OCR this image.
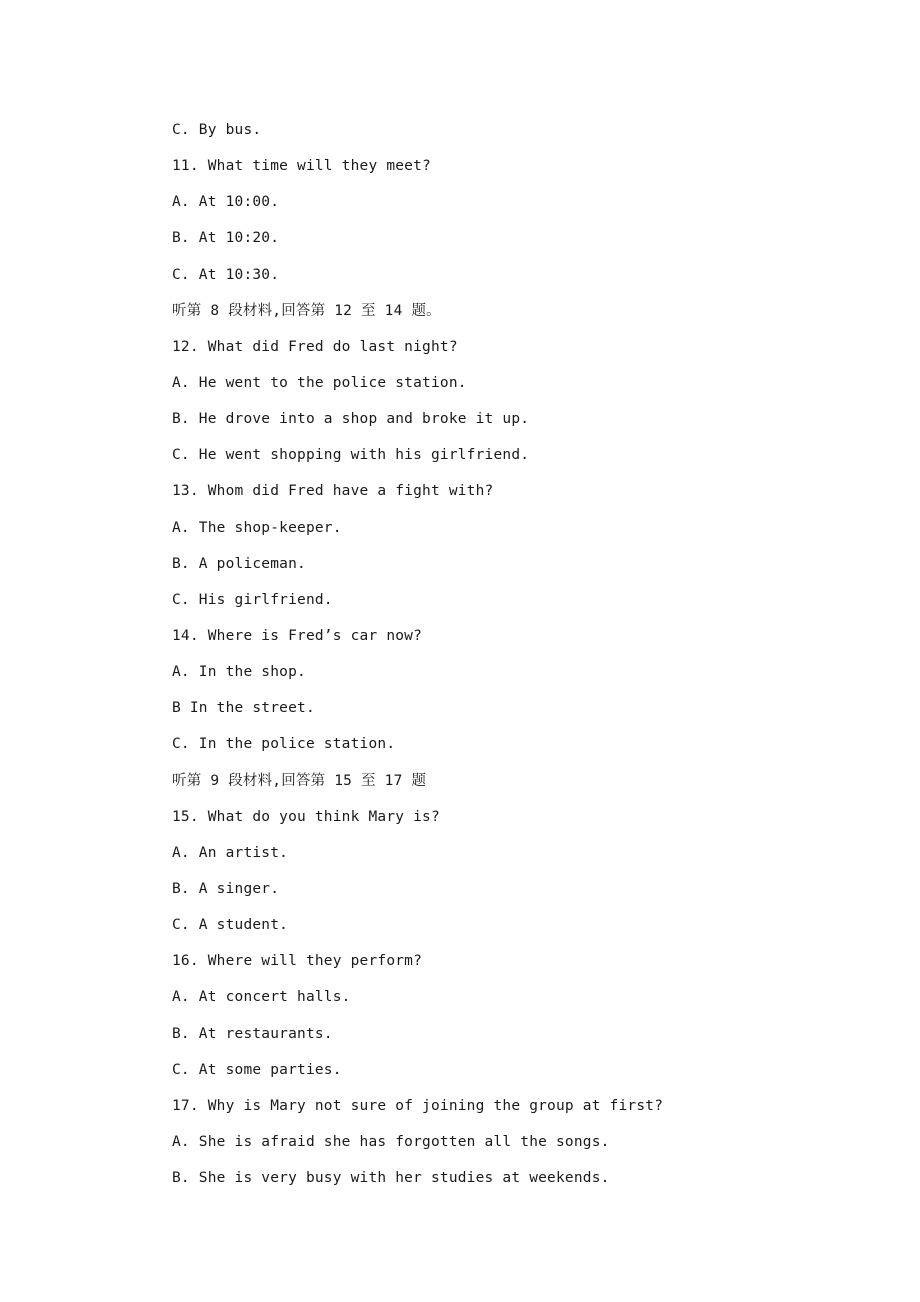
C. By bus.
11. What time will they meet?
A. At 10:00.
B. At 10:20.
C. At 10:30.
听第 8 段材料,回答第 12 至 14 题。
12. What did Fred do last night?
A. He went to the police station.
B. He drove into a shop and broke it up.
C. He went shopping with his girlfriend.
13. Whom did Fred have a fight with?
A. The shop-keeper.
B. A policeman.
C. His girlfriend.
14. Where is Fred’s car now?
A. In the shop.
B In the street.
C. In the police station.
听第 9 段材料,回答第 15 至 17 题
15. What do you think Mary is?
A. An artist.
B. A singer.
C. A student.
16. Where will they perform?
A. At concert halls.
B. At restaurants.
C. At some parties.
17. Why is Mary not sure of joining the group at first?
A. She is afraid she has forgotten all the songs.
B. She is very busy with her studies at weekends.
